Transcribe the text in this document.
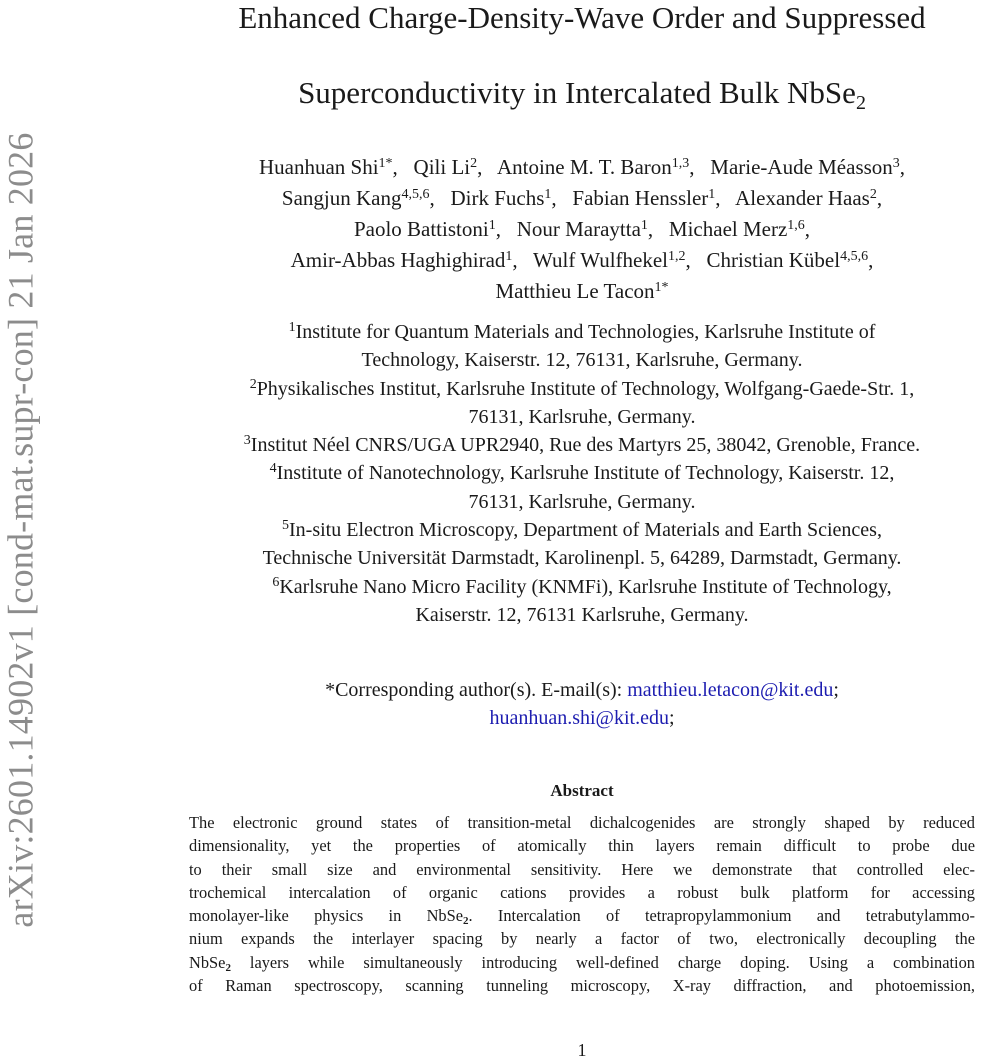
arXiv:2601.14902v1 [cond-mat.supr-con] 21 Jan 2026
Enhanced Charge-Density-Wave Order and Suppressed
Superconductivity in Intercalated Bulk NbSe$_2$
Huanhuan Shi$^{1*}$,   Qili Li$^2$,   Antoine M. T. Baron$^{1,3}$,   Marie-Aude Méasson$^3$,
Sangjun Kang$^{4,5,6}$,   Dirk Fuchs$^1$,   Fabian Henssler$^1$,   Alexander Haas$^2$,
Paolo Battistoni$^1$,   Nour Maraytta$^1$,   Michael Merz$^{1,6}$,
Amir-Abbas Haghighirad$^1$,   Wulf Wulfhekel$^{1,2}$,   Christian Kübel$^{4,5,6}$,
Matthieu Le Tacon$^{1*}$
$^1$Institute for Quantum Materials and Technologies, Karlsruhe Institute of
Technology, Kaiserstr. 12, 76131, Karlsruhe, Germany.
$^2$Physikalisches Institut, Karlsruhe Institute of Technology, Wolfgang-Gaede-Str. 1,
76131, Karlsruhe, Germany.
$^3$Institut Néel CNRS/UGA UPR2940, Rue des Martyrs 25, 38042, Grenoble, France.
$^4$Institute of Nanotechnology, Karlsruhe Institute of Technology, Kaiserstr. 12,
76131, Karlsruhe, Germany.
$^5$In-situ Electron Microscopy, Department of Materials and Earth Sciences,
Technische Universität Darmstadt, Karolinenpl. 5, 64289, Darmstadt, Germany.
$^6$Karlsruhe Nano Micro Facility (KNMFi), Karlsruhe Institute of Technology,
Kaiserstr. 12, 76131 Karlsruhe, Germany.
*Corresponding author(s). E-mail(s): matthieu.letacon@kit.edu;
huanhuan.shi@kit.edu;
Abstract
The electronic ground states of transition-metal dichalcogenides are strongly shaped by reduced
dimensionality, yet the properties of atomically thin layers remain difficult to probe due
to their small size and environmental sensitivity. Here we demonstrate that controlled elec-
trochemical intercalation of organic cations provides a robust bulk platform for accessing
monolayer-like physics in NbSe$_2$. Intercalation of tetrapropylammonium and tetrabutylammo-
nium expands the interlayer spacing by nearly a factor of two, electronically decoupling the
NbSe$_2$ layers while simultaneously introducing well-defined charge doping. Using a combination
of Raman spectroscopy, scanning tunneling microscopy, X-ray diffraction, and photoemission,
1
